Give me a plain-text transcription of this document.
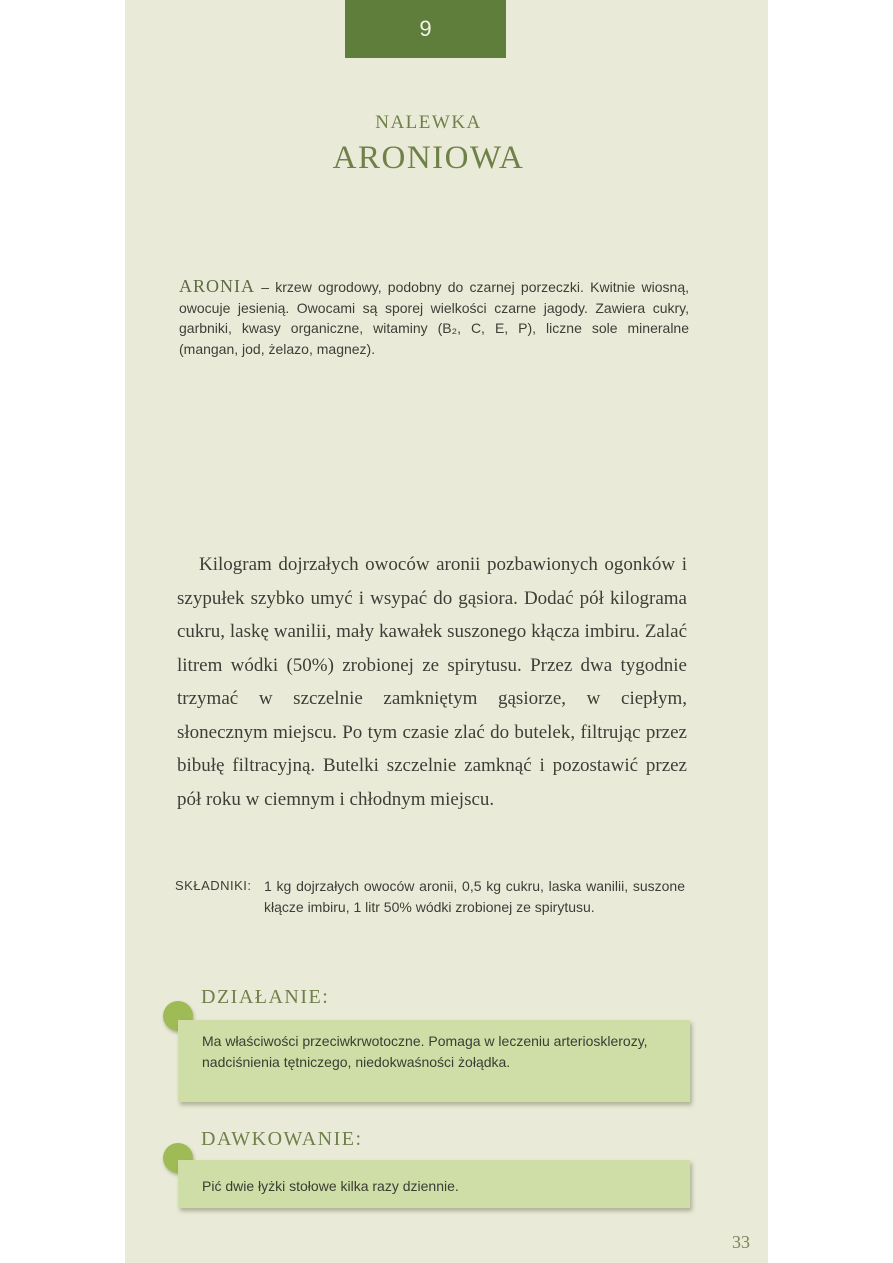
9
NALEWKA
ARONIOWA
ARONIA – krzew ogrodowy, podobny do czarnej porzeczki. Kwitnie wiosną, owocuje jesienią. Owocami są sporej wielkości czarne jagody. Zawiera cukry, garbniki, kwasy organiczne, witaminy (B₂, C, E, P), liczne sole mineralne (mangan, jod, żelazo, magnez).
Kilogram dojrzałych owoców aronii pozbawionych ogonków i szypułek szybko umyć i wsypać do gąsiora. Dodać pół kilograma cukru, laskę wanilii, mały kawałek suszonego kłącza imbiru. Zalać litrem wódki (50%) zrobionej ze spirytusu. Przez dwa tygodnie trzymać w szczelnie zamkniętym gąsiorze, w ciepłym, słonecznym miejscu. Po tym czasie zlać do butelek, filtrując przez bibułę filtracyjną. Butelki szczelnie zamknąć i pozostawić przez pół roku w ciemnym i chłodnym miejscu.
SKŁADNIKI: 1 kg dojrzałych owoców aronii, 0,5 kg cukru, laska wanilii, suszone kłącze imbiru, 1 litr 50% wódki zrobionej ze spirytusu.
DZIAŁANIE:
Ma właściwości przeciwkrwotoczne. Pomaga w leczeniu arteriosklerozy, nadciśnienia tętniczego, niedokwaśności żołądka.
DAWKOWANIE:
Pić dwie łyżki stołowe kilka razy dziennie.
33
